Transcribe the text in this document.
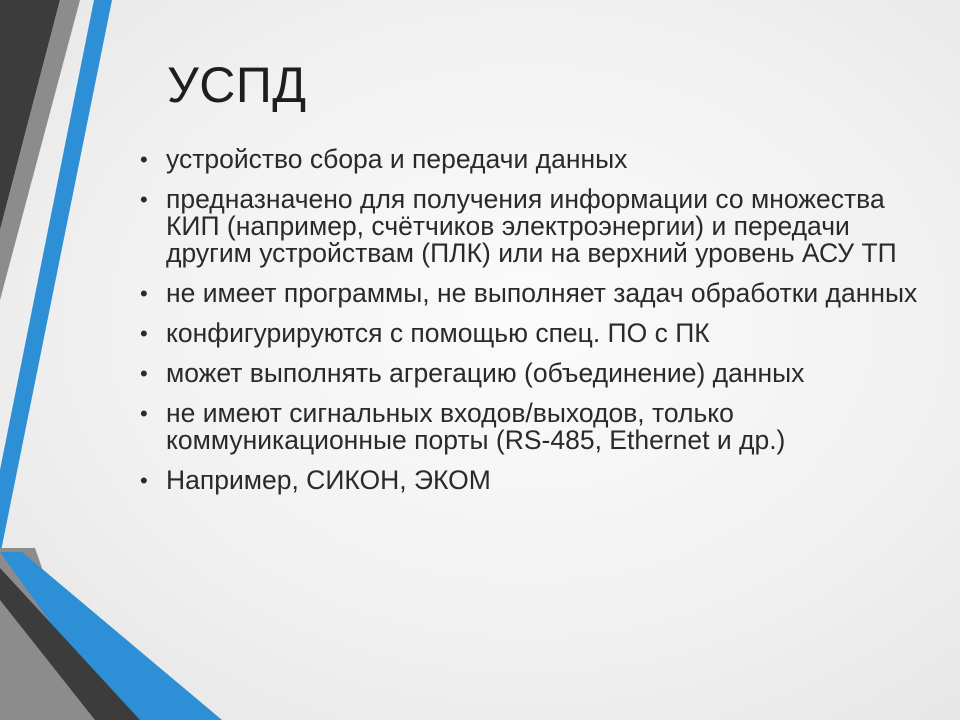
УСПД
• устройство сбора и передачи данных
• предназначено для получения информации со множества КИП (например, счётчиков электроэнергии) и передачи другим устройствам (ПЛК) или на верхний уровень АСУ ТП
• не имеет программы, не выполняет задач обработки данных
• конфигурируются с помощью спец. ПО с ПК
• может выполнять агрегацию (объединение) данных
• не имеют сигнальных входов/выходов, только коммуникационные порты (RS-485, Ethernet и др.)
• Например, СИКОН, ЭКОМ
